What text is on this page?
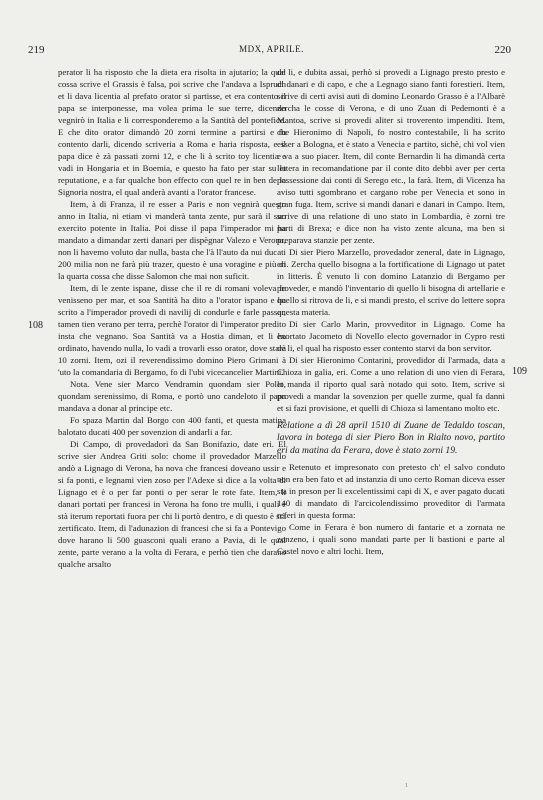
219	MDX, APRILE.	220
108
109

perator li ha risposto che la dieta era risolta in ajutario; la qual cossa scrive el Grassis è falsa, poi scrive che l'andava a Ispruch et li dava licentia al prefato orator si partisse, et era contento il papa se interponesse, ma volea prima le sue terre, dicendo vegnirò in Italia e li corresponderemo a la Santità del pontefice. E che dito orator dimandò 20 zorni termine a partirsi e fu contento darli, dicendo scriveria a Roma e haria risposta, e il papa dice è zà passati zorni 12, e che li à scrito toy licentia e vadi in Hongaria et in Boemia, e questo ha fato per star su la reputatione, e a far qualche bon effecto con quel re in ben de la Signoria nostra, el qual anderà avanti a l'orator francese.

Item, à di Franza, il re esser a Paris e non vegnirà questo anno in Italia, ni etiam vi manderà tanta zente, pur sarà il suo exercito potente in Italia. Poi disse il papa l'imperador mi ha mandato a dimandar zerti danari per dispègnar Valezo e Verona, non li havemo voluto dar nulla, basta che l'à ll'auto da nui ducati 200 milia non ne farà più trazer, questo è una voragine e più di la quarta cossa che disse Salomon che mai non suficit.

Item, di le zente ispane, disse che il re di romani voleva le venisseno per mar, et soa Santità ha dito a l'orator ispano e ha scrito a l'imperador provedi di navilij di condurle e farle passar, tamen tien verano per terra, perchè l'orator di l'imperator predito insta che vegnano. Soa Santità va a Hostia diman, et li ha ordinato, havendo nulla, lo vadi a trovarli esso orator, dove starà 10 zorni. Item, ozi il reverendissimo domino Piero Grimani à 'uto la comandaria di Bergamo, fo di l'ubi vicecancelier Martini.

Nota. Vene sier Marco Vendramin quondam sier Pollo, quondam serenissimo, di Roma, e portò uno candeloto il papa mandava a donar al principe etc.

Fo spaza Martin dal Borgo con 400 fanti, et questa matina balotato ducati 400 per sovenzion di andarli a far.

Di Campo, di provedadori da San Bonifazio, date eri. El scrive sier Andrea Griti solo: chome il provedador Marzello andò a Lignago di Verona, ha nova che francesi doveano ussir e si fa ponti, e legnami vien zoso per l'Adexe si dice a la volta di Lignago et è o per far ponti o per serar le rote fate. Item, li danari portati per francesi in Verona ha fono tre mulli, i quali è stà iterum reportati fuora per chi li portò dentro, e di questo è stà zertificato. Item, di l'adunazion di francesi che si fa a Pontevigo dove harano li 500 guasconi quali erano a Pavia, di le qual zente, parte verano a la volta di Ferara, e perhò tien che darano qualche arsalto

de li, e dubita assai, perhò si provedi a Lignago presto presto e di danari e di capo, e che a Legnago siano fanti forestieri. Item, scrive di certi avisi auti di domino Leonardo Grasso è a l'Albarè zercha le cosse di Verona, e di uno Zuan di Pedemonti è a Mantoa, scrive si provedi aliter si troverento impenditi. Item, che Hieronimo di Napoli, fo nostro contestabile, li ha scrito esser a Bologna, et è stato a Venecia e partito, sichè, chi vol vien e va a suo piacer. Item, dil conte Bernardin li ha dimandà certa lettera in recomandatione par il conte dito debbi aver per certa possessione dai conti di Serego etc., la farà. Item, di Vicenza ha aviso tutti sgombrano et cargano robe per Venecia et sono in gran fuga. Item, scrive si mandi danari e danari in Campo. Item, scrive di una relatione di uno stato in Lombardia, è zorni tre parti di Brexa; e dice non ha visto zente alcuna, ma ben si preparava stanzie per zente.

Di sier Piero Marzello, provedador zeneral, date in Lignago, eri. Zercha quello bisogna a la fortificatione di Lignago ut patet in litteris. È venuto li con domino Latanzio di Bergamo per proveder, e mandò l'inventario di quello li bisogna di artellarie e quello si ritrova de li, e si mandi presto, el scrive do lettere sopra questa materia.

Di sier Carlo Marin, provveditor in Lignago. Come ha exortato Jacometo di Novello electo governador in Cypro resti de li, el qual ha risposto esser contento starvi da bon servitor.

Di sier Hieronimo Contarini, provedidor di l'armada, data a Chioza in galia, eri. Come a uno relation di uno vien di Ferara, et manda il riporto qual sarà notado qui soto. Item, scrive si provedi a mandar la sovenzion per quelle zurme, qual fa danni et si fazi provisione, et quelli di Chioza si lamentano molto etc.

Relatione a dì 28 april 1510 di Zuane de Tedaldo toscan, lavora in botega di sier Piero Bon in Rialto novo, partito eri da matina da Ferara, dove è stato zorni 19.

Retenuto et impresonato con pretesto ch' el salvo conduto non era ben fato et ad instanzia di uno certo Roman diceva esser sta in preson per li excelentissimi capi di X, e aver pagato ducati 140 di mandato di l'arcicolendissimo proveditor di l'armata referi in questa forma:

Come in Ferara è bon numero di fantarie et a zornata ne zonzeno, i quali sono mandati parte per li bastioni e parte al Castel novo e altri lochi. Item,

1
